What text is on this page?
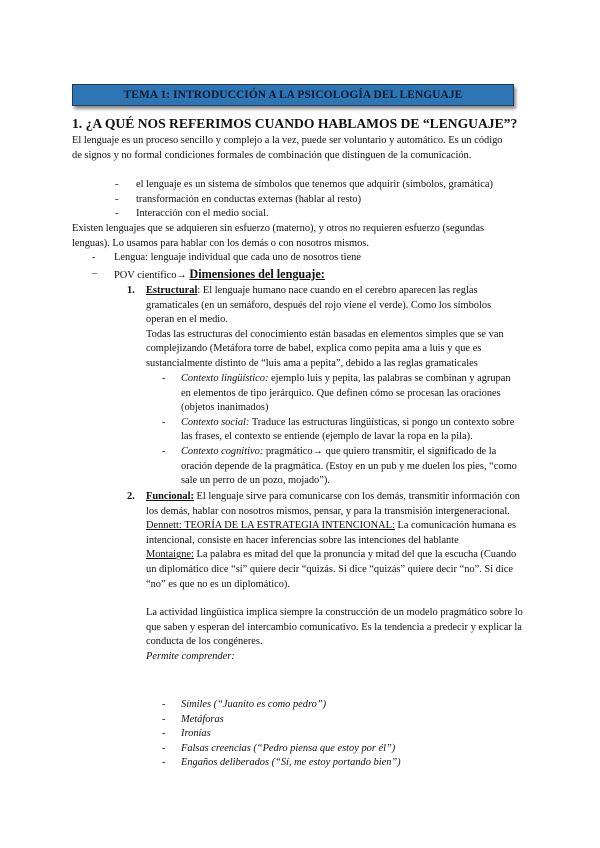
TEMA 1: INTRODUCCIÓN A LA PSICOLOGÍA DEL LENGUAJE
1. ¿A QUÉ NOS REFERIMOS CUANDO HABLAMOS DE “LENGUAJE”?

El lenguaje es un proceso sencillo y complejo a la vez, puede ser voluntario y automático. Es un código de signos y no formal condiciones formales de combinación que distinguen de la comunicación.

- el lenguaje es un sistema de símbolos que tenemos que adquirir (símbolos, gramática)
- transformación en conductas externas (hablar al resto)
- Interacción con el medio social.

Existen lenguajes que se adquieren sin esfuerzo (materno), y otros no requieren esfuerzo (segundas lenguas). Lo usamos para hablar con los demás o con nosotros mismos.

- Lengua: lenguaje individual que cada uno de nosotros tiene
– POV científico→ Dimensiones del lenguaje:
1. Estructural: El lenguaje humano nace cuando en el cerebro aparecen las reglas gramaticales (en un semáforo, después del rojo viene el verde). Como los símbolos operan en el medio.

Todas las estructuras del conocimiento están basadas en elementos simples que se van complejizando (Metáfora torre de babel, explica como pepita ama a luis y que es sustancialmente distinto de “luis ama a pepita”, debido a las reglas gramaticales

- Contexto lingüístico: ejemplo luis y pepita, las palabras se combinan y agrupan en elementos de tipo jerárquico. Que definen cómo se procesan las oraciones (objetos inanimados)
- Contexto social: Traduce las estructuras lingüísticas, si pongo un contexto sobre las frases, el contexto se entiende (ejemplo de lavar la ropa en la pila).
- Contexto cognitivo: pragmático→ que quiero transmitir, el significado de la oración depende de la pragmática. (Estoy en un pub y me duelen los pies, “como sale un perro de un pozo, mojado”).
2. Funcional: El lenguaje sirve para comunicarse con los demás, transmitir información con los demás, hablar con nosotros mismos, pensar, y para la transmisión intergeneracional.

Dennett: TEORÍA DE LA ESTRATEGIA INTENCIONAL: La comunicación humana es intencional, consiste en hacer inferencias sobre las intenciones del hablante

Montaigne: La palabra es mitad del que la pronuncia y mitad del que la escucha (Cuando un diplomático dice “sí” quiere decir “quizás. Si dice “quizás” quiere decir “no”. Si dice “no” es que no es un diplomático).

La actividad lingüística implica siempre la construcción de un modelo pragmático sobre lo que saben y esperan del intercambio comunicativo. Es la tendencia a predecir y explicar la conducta de los congéneres.

Permite comprender:

- Símiles (“Juanito es como pedro”)
- Metáforas
- Ironías
- Falsas creencias (“Pedro piensa que estoy por él”)
- Engaños deliberados (“Sí, me estoy portando bien”)
